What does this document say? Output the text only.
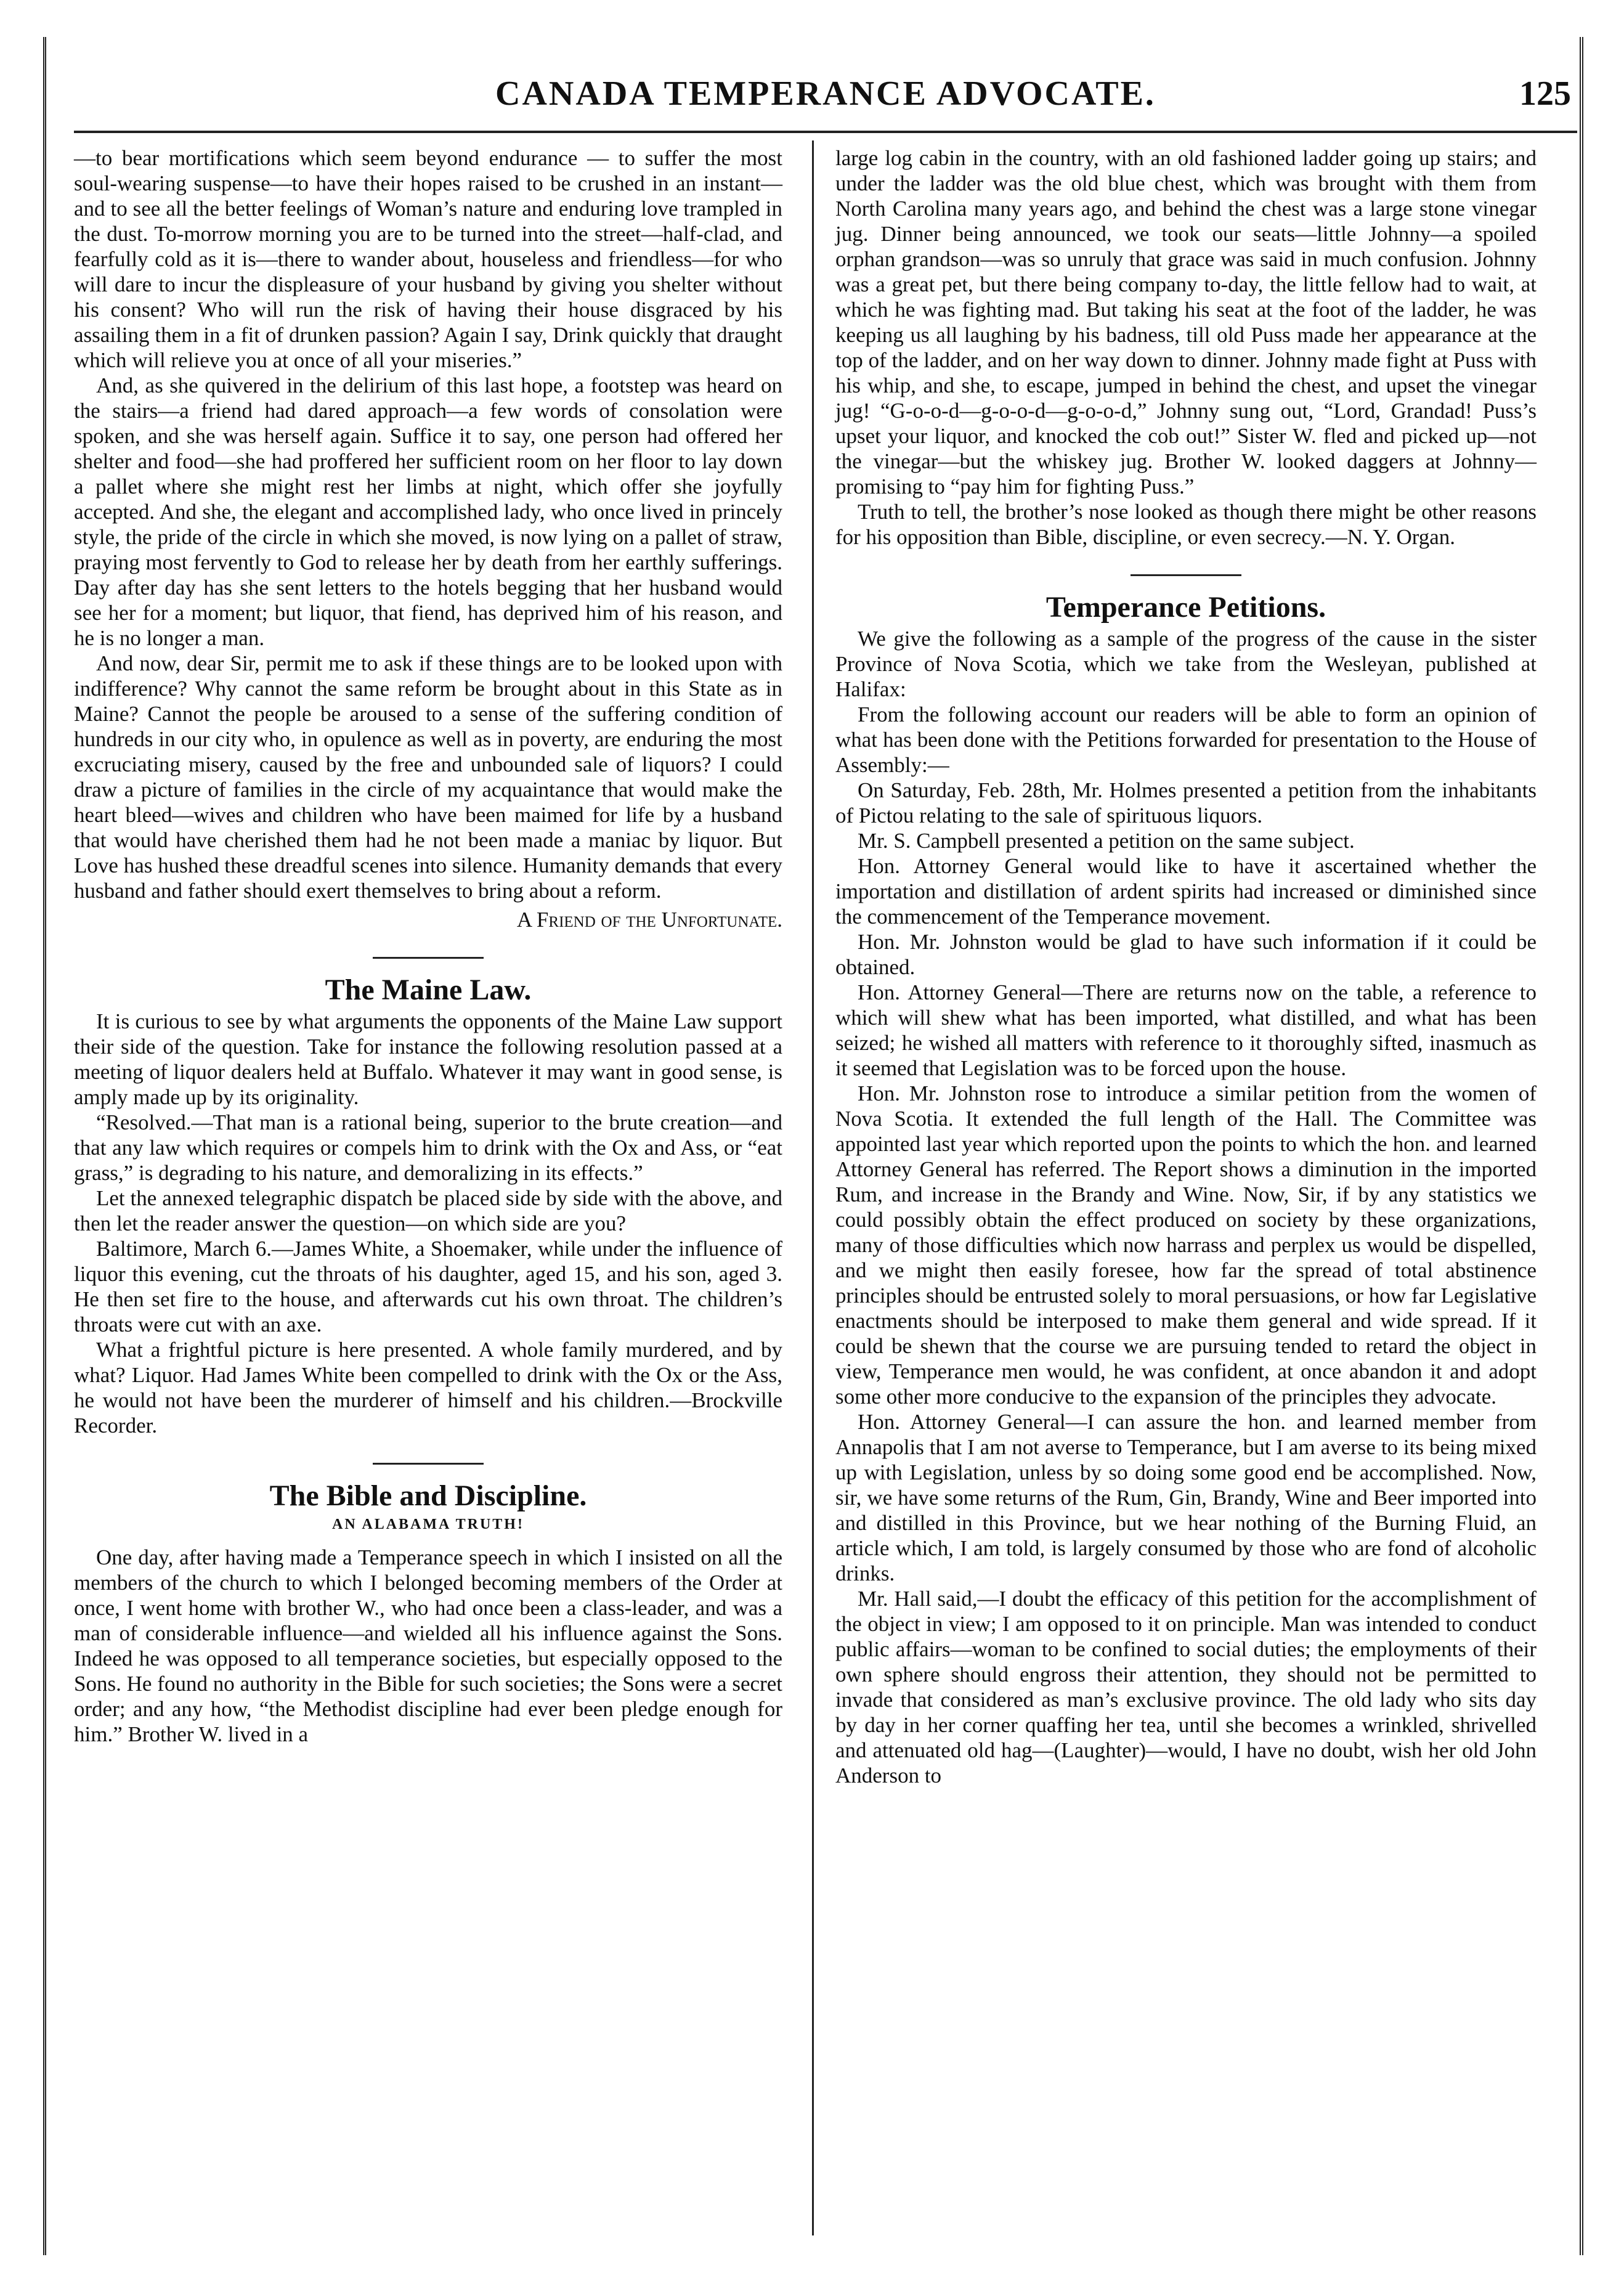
CANADA TEMPERANCE ADVOCATE.	125

—to bear mortifications which seem beyond endurance — to suffer the most soul-wearing suspense—to have their hopes raised to be crushed in an instant—and to see all the better feelings of Woman’s nature and enduring love trampled in the dust. To-morrow morning you are to be turned into the street—half-clad, and fearfully cold as it is—there to wander about, houseless and friendless—for who will dare to incur the displeasure of your husband by giving you shelter without his consent? Who will run the risk of having their house disgraced by his assailing them in a fit of drunken passion? Again I say, Drink quickly that draught which will relieve you at once of all your miseries.”

And, as she quivered in the delirium of this last hope, a footstep was heard on the stairs—a friend had dared approach—a few words of consolation were spoken, and she was herself again. Suffice it to say, one person had offered her shelter and food—she had proffered her sufficient room on her floor to lay down a pallet where she might rest her limbs at night, which offer she joyfully accepted. And she, the elegant and accomplished lady, who once lived in princely style, the pride of the circle in which she moved, is now lying on a pallet of straw, praying most fervently to God to release her by death from her earthly sufferings. Day after day has she sent letters to the hotels begging that her husband would see her for a moment; but liquor, that fiend, has deprived him of his reason, and he is no longer a man.

And now, dear Sir, permit me to ask if these things are to be looked upon with indifference? Why cannot the same reform be brought about in this State as in Maine? Cannot the people be aroused to a sense of the suffering condition of hundreds in our city who, in opulence as well as in poverty, are enduring the most excruciating misery, caused by the free and unbounded sale of liquors? I could draw a picture of families in the circle of my acquaintance that would make the heart bleed—wives and children who have been maimed for life by a husband that would have cherished them had he not been made a maniac by liquor. But Love has hushed these dreadful scenes into silence. Humanity demands that every husband and father should exert themselves to bring about a reform.

A Friend of the Unfortunate.

The Maine Law.

It is curious to see by what arguments the opponents of the Maine Law support their side of the question. Take for instance the following resolution passed at a meeting of liquor dealers held at Buffalo. Whatever it may want in good sense, is amply made up by its originality.

“Resolved.—That man is a rational being, superior to the brute creation—and that any law which requires or compels him to drink with the Ox and Ass, or “eat grass,” is degrading to his nature, and demoralizing in its effects.”

Let the annexed telegraphic dispatch be placed side by side with the above, and then let the reader answer the question—on which side are you?

Baltimore, March 6.—James White, a Shoemaker, while under the influence of liquor this evening, cut the throats of his daughter, aged 15, and his son, aged 3. He then set fire to the house, and afterwards cut his own throat. The children’s throats were cut with an axe.

What a frightful picture is here presented. A whole family murdered, and by what? Liquor. Had James White been compelled to drink with the Ox or the Ass, he would not have been the murderer of himself and his children.—Brockville Recorder.

The Bible and Discipline.
AN ALABAMA TRUTH!

One day, after having made a Temperance speech in which I insisted on all the members of the church to which I belonged becoming members of the Order at once, I went home with brother W., who had once been a class-leader, and was a man of considerable influence—and wielded all his influence against the Sons. Indeed he was opposed to all temperance societies, but especially opposed to the Sons. He found no authority in the Bible for such societies; the Sons were a secret order; and any how, “the Methodist discipline had ever been pledge enough for him.” Brother W. lived in a

large log cabin in the country, with an old fashioned ladder going up stairs; and under the ladder was the old blue chest, which was brought with them from North Carolina many years ago, and behind the chest was a large stone vinegar jug. Dinner being announced, we took our seats—little Johnny—a spoiled orphan grandson—was so unruly that grace was said in much confusion. Johnny was a great pet, but there being company to-day, the little fellow had to wait, at which he was fighting mad. But taking his seat at the foot of the ladder, he was keeping us all laughing by his badness, till old Puss made her appearance at the top of the ladder, and on her way down to dinner. Johnny made fight at Puss with his whip, and she, to escape, jumped in behind the chest, and upset the vinegar jug! “G-o-o-d—g-o-o-d—g-o-o-d,” Johnny sung out, “Lord, Grandad! Puss’s upset your liquor, and knocked the cob out!” Sister W. fled and picked up—not the vinegar—but the whiskey jug. Brother W. looked daggers at Johnny—promising to “pay him for fighting Puss.”

Truth to tell, the brother’s nose looked as though there might be other reasons for his opposition than Bible, discipline, or even secrecy.—N. Y. Organ.

Temperance Petitions.

We give the following as a sample of the progress of the cause in the sister Province of Nova Scotia, which we take from the Wesleyan, published at Halifax:

From the following account our readers will be able to form an opinion of what has been done with the Petitions forwarded for presentation to the House of Assembly:—

On Saturday, Feb. 28th, Mr. Holmes presented a petition from the inhabitants of Pictou relating to the sale of spirituous liquors.

Mr. S. Campbell presented a petition on the same subject.

Hon. Attorney General would like to have it ascertained whether the importation and distillation of ardent spirits had increased or diminished since the commencement of the Temperance movement.

Hon. Mr. Johnston would be glad to have such information if it could be obtained.

Hon. Attorney General—There are returns now on the table, a reference to which will shew what has been imported, what distilled, and what has been seized; he wished all matters with reference to it thoroughly sifted, inasmuch as it seemed that Legislation was to be forced upon the house.

Hon. Mr. Johnston rose to introduce a similar petition from the women of Nova Scotia. It extended the full length of the Hall. The Committee was appointed last year which reported upon the points to which the hon. and learned Attorney General has referred. The Report shows a diminution in the imported Rum, and increase in the Brandy and Wine. Now, Sir, if by any statistics we could possibly obtain the effect produced on society by these organizations, many of those difficulties which now harrass and perplex us would be dispelled, and we might then easily foresee, how far the spread of total abstinence principles should be entrusted solely to moral persuasions, or how far Legislative enactments should be interposed to make them general and wide spread. If it could be shewn that the course we are pursuing tended to retard the object in view, Temperance men would, he was confident, at once abandon it and adopt some other more conducive to the expansion of the principles they advocate.

Hon. Attorney General—I can assure the hon. and learned member from Annapolis that I am not averse to Temperance, but I am averse to its being mixed up with Legislation, unless by so doing some good end be accomplished. Now, sir, we have some returns of the Rum, Gin, Brandy, Wine and Beer imported into and distilled in this Province, but we hear nothing of the Burning Fluid, an article which, I am told, is largely consumed by those who are fond of alcoholic drinks.

Mr. Hall said,—I doubt the efficacy of this petition for the accomplishment of the object in view; I am opposed to it on principle. Man was intended to conduct public affairs—woman to be confined to social duties; the employments of their own sphere should engross their attention, they should not be permitted to invade that considered as man’s exclusive province. The old lady who sits day by day in her corner quaffing her tea, until she becomes a wrinkled, shrivelled and attenuated old hag—(Laughter)—would, I have no doubt, wish her old John Anderson to
